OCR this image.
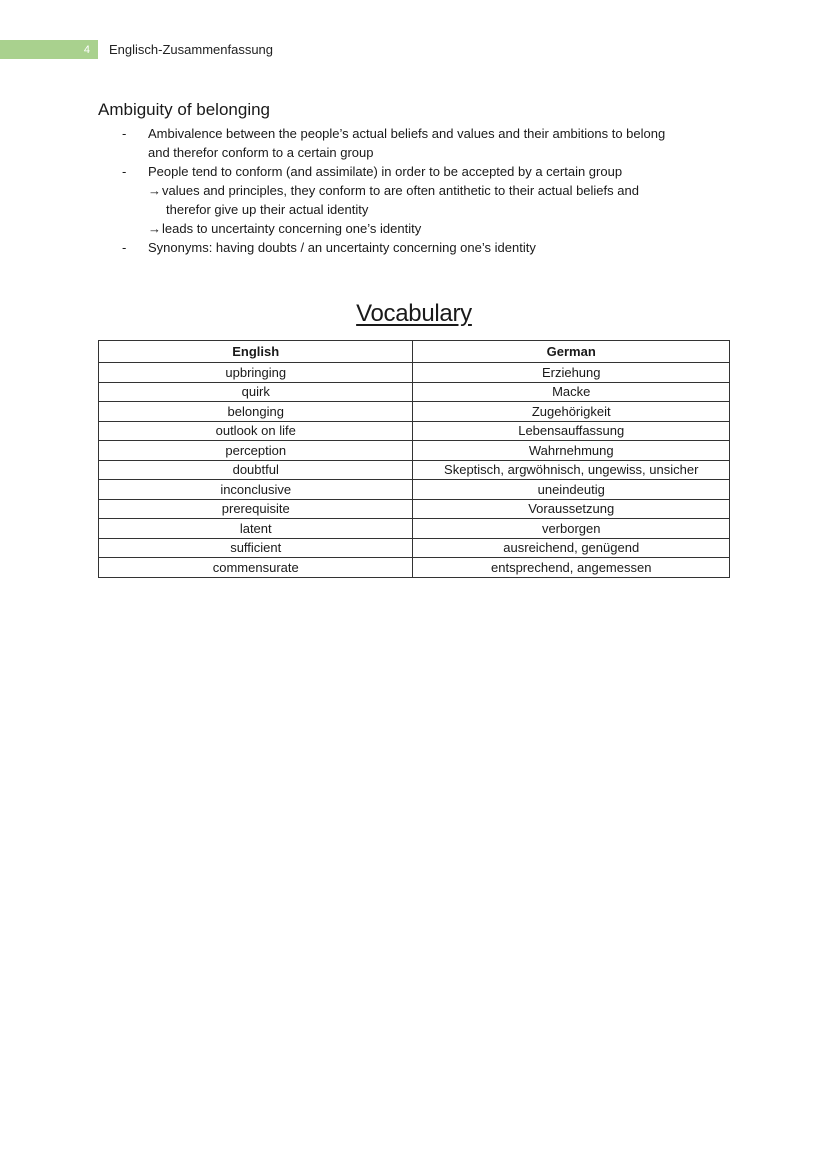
4 Englisch-Zusammenfassung
Ambiguity of belonging
- Ambivalence between the people’s actual beliefs and values and their ambitions to belong
and therefor conform to a certain group
- People tend to conform (and assimilate) in order to be accepted by a certain group
→values and principles, they conform to are often antithetic to their actual beliefs and
therefor give up their actual identity
→leads to uncertainty concerning one’s identity
- Synonyms: having doubts / an uncertainty concerning one’s identity
Vocabulary
English	German
upbringing	Erziehung
quirk	Macke
belonging	Zugehörigkeit
outlook on life	Lebensauffassung
perception	Wahrnehmung
doubtful	Skeptisch, argwöhnisch, ungewiss, unsicher
inconclusive	uneindeutig
prerequisite	Voraussetzung
latent	verborgen
sufficient	ausreichend, genügend
commensurate	entsprechend, angemessen
